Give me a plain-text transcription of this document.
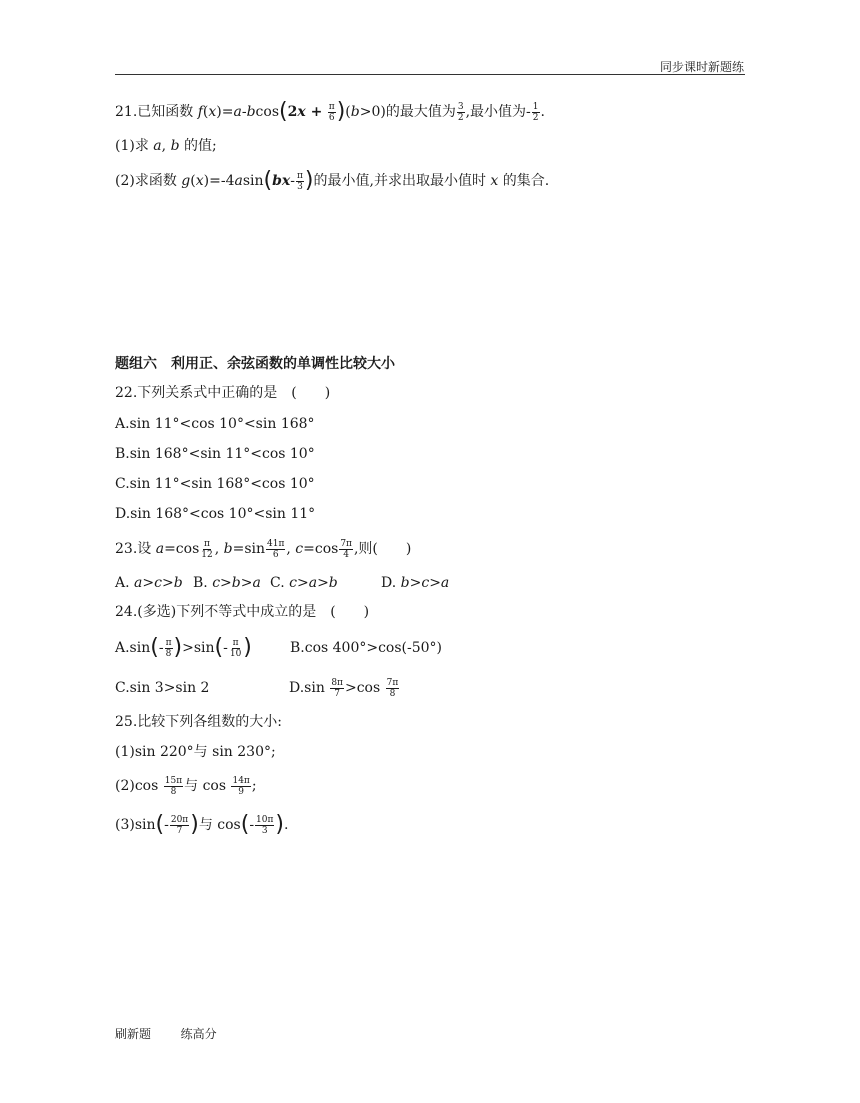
同步课时新题练
21.已知函数 $f(x)=a-bcos(2x + \frac{\pi}{6} )(b>0)$的最大值为 $\frac{3}{2}$ ,最小值为- $\frac{1}{2}$ .
(1)求 a, b 的值;
(2)求函数 $g(x)=-4asin(bx- \frac{\pi}{3}$ )的最小值,并求出取最小值时 x 的集合.
题组六　利用正、余弦函数的单调性比较大小
22.下列关系式中正确的是　(　　)
A.sin 11°<cos 10°<sin 168°
B.sin 168°<sin 11°<cos 10°
C.sin 11°<sin 168°<cos 10°
D.sin 168°<cos 10°<sin 11°
23.设 $a=\cos \frac{\pi}{12}$ , $b=\sin \frac{41\pi}{6}$ , $c=\cos \frac{7\pi}{4}$ ,则(　　)
A. a>c>b B. c>b>a C. c>a>b	D. b>c>a
24.(多选)下列不等式中成立的是　(　　)
$A.\sin(- \frac{\pi}{8} )>\sin(- \frac{\pi}{10}$ )	B.cos 400°>cos(-50°)
C.sin 3>sin 2	$D.\sin \frac{8\pi}{7} >\cos \frac{7\pi}{8}$
25.比较下列各组数的大小:
(1)sin 220°与 sin 230°;
$(2)\cos \frac{15\pi}{8}$ 与 $\cos \frac{14\pi}{9}$ ;
$(3)\sin(- \frac{20\pi}{7}$ )与 $\cos(- \frac{10\pi}{3}$ ).
刷新题 练高分
